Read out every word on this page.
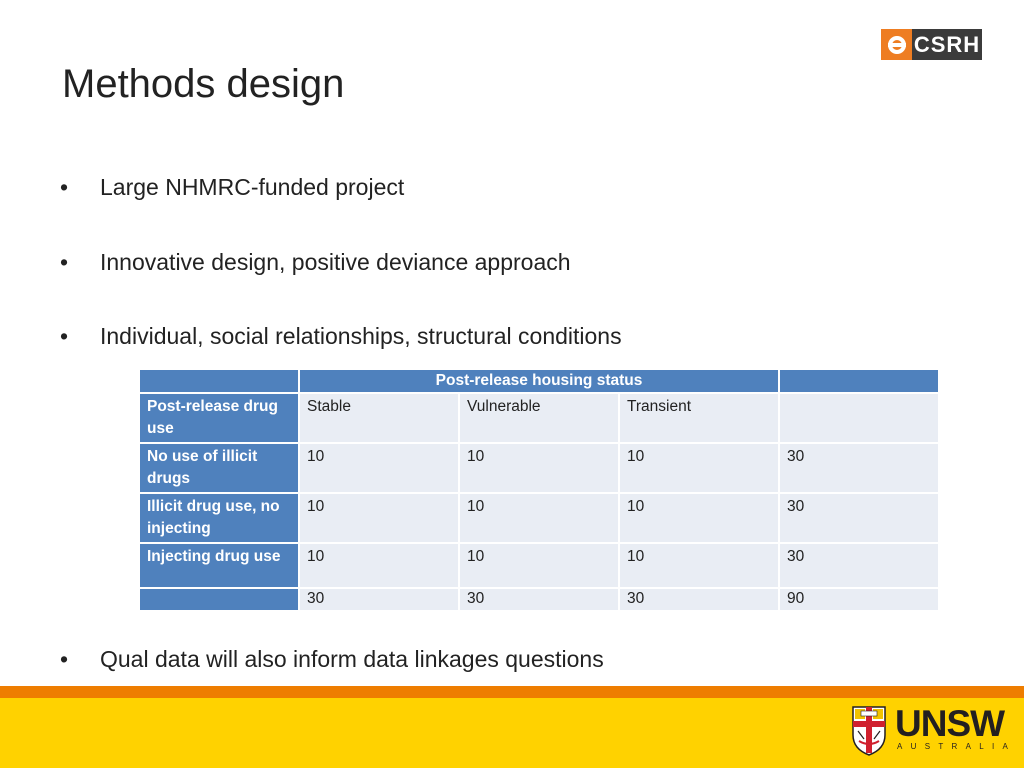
Methods design
CSRH
•	Large NHMRC-funded project
•	Innovative design, positive deviance approach
•	Individual, social relationships, structural conditions
	Post-release housing status			
Post-release drug use	Stable	Vulnerable	Transient	
No use of illicit drugs	10	10	10	30
Illicit drug use, no injecting	10	10	10	30
Injecting drug use	10	10	10	30
	30	30	30	90
•	Qual data will also inform data linkages questions
UNSW
AUSTRALIA
